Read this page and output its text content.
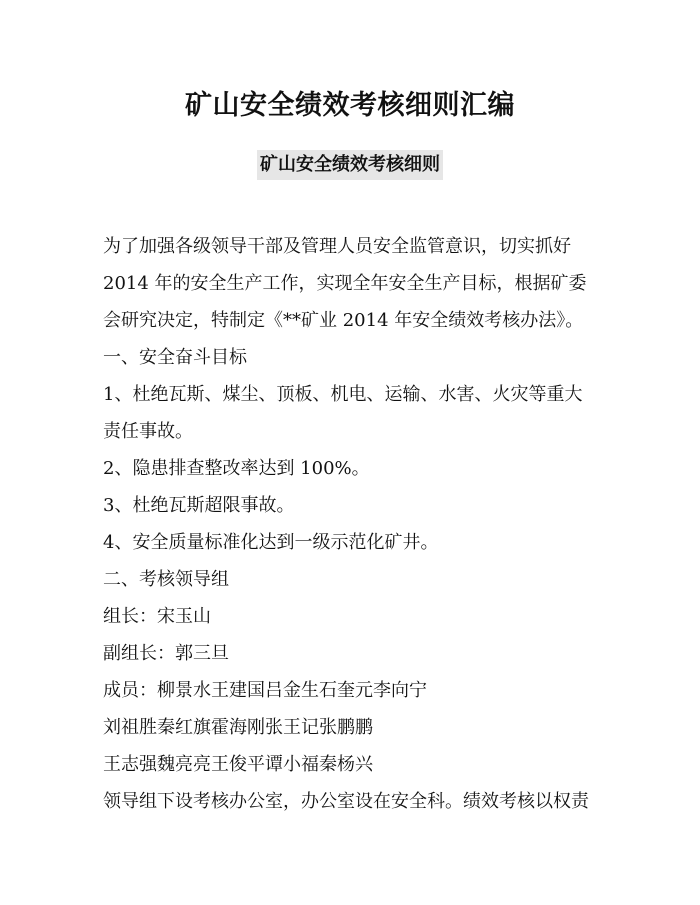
矿山安全绩效考核细则汇编
矿山安全绩效考核细则
为了加强各级领导干部及管理人员安全监管意识，切实抓好
2014 年的安全生产工作，实现全年安全生产目标，根据矿委
会研究决定，特制定《**矿业 2014 年安全绩效考核办法》。
一、安全奋斗目标
1、杜绝瓦斯、煤尘、顶板、机电、运输、水害、火灾等重大
责任事故。
2、隐患排查整改率达到 100%。
3、杜绝瓦斯超限事故。
4、安全质量标准化达到一级示范化矿井。
二、考核领导组
组长：宋玉山
副组长：郭三旦
成员：柳景水王建国吕金生石奎元李向宁
刘祖胜秦红旗霍海刚张王记张鹏鹏
王志强魏亮亮王俊平谭小福秦杨兴
领导组下设考核办公室，办公室设在安全科。绩效考核以权责
